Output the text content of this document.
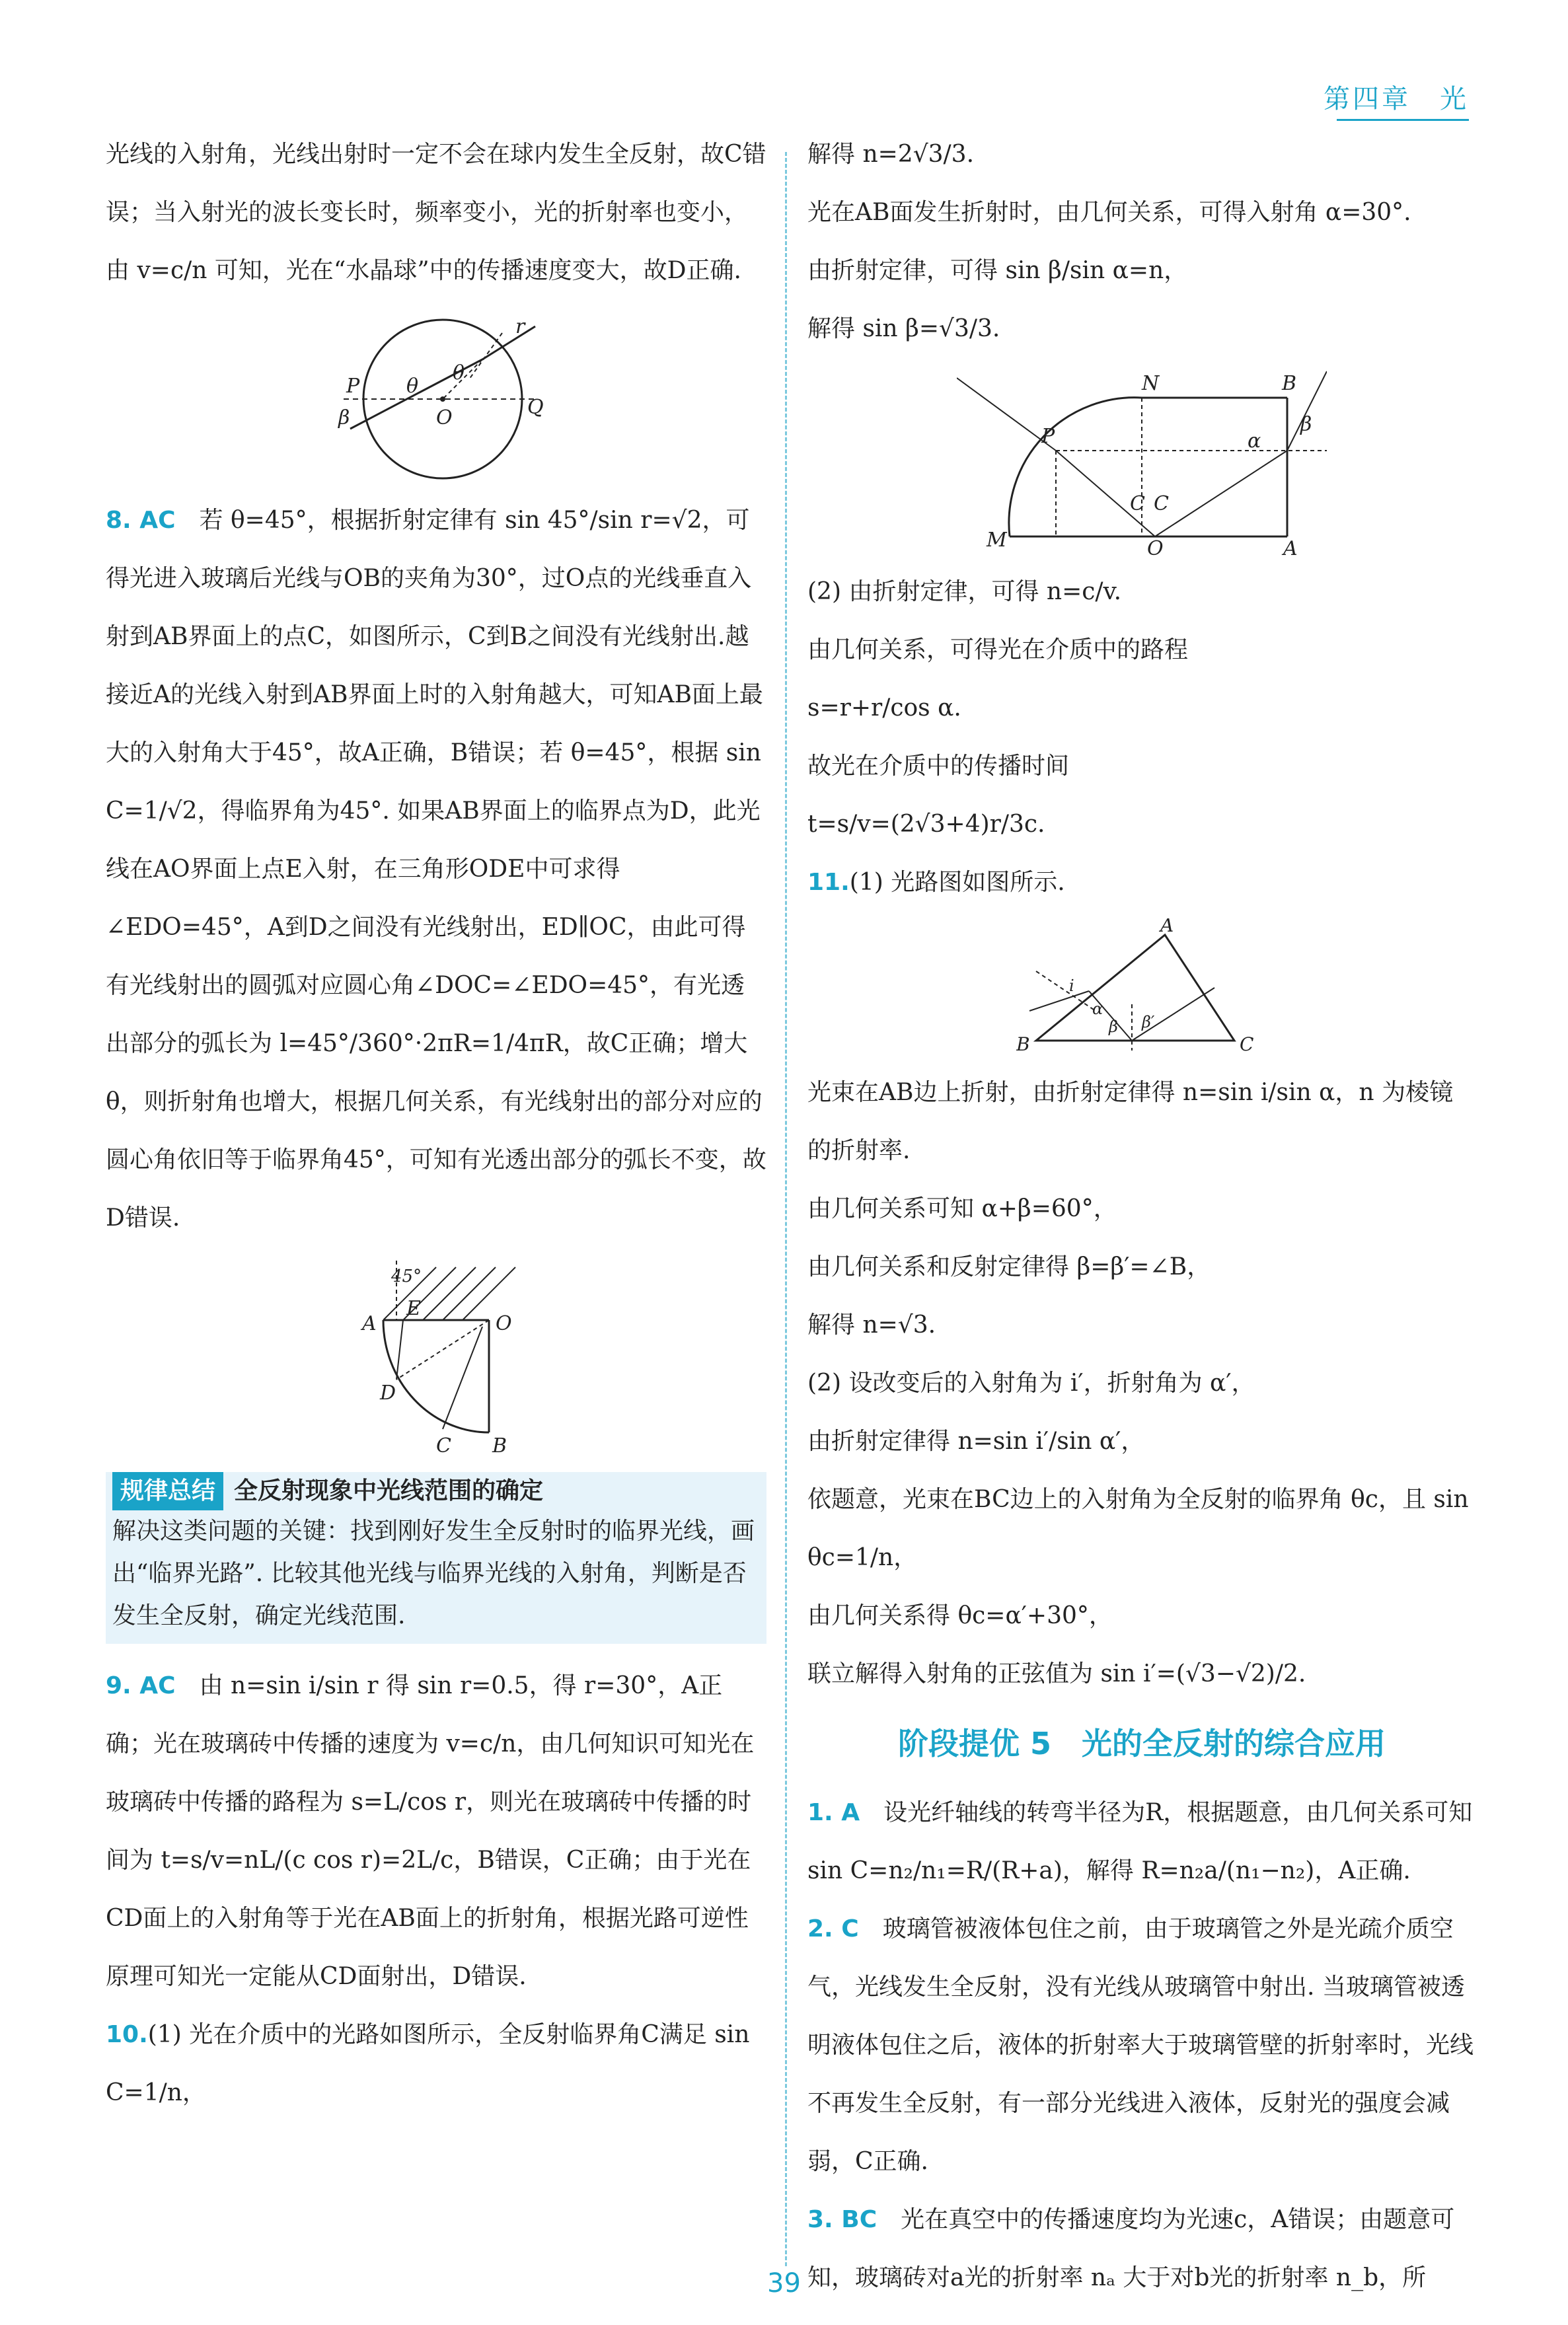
第四章　光

光线的入射角，光线出射时一定不会在球内发生全反射，故C错误；当入射光的波长变长时，频率变小，光的折射率也变小，由 v=c/n 可知，光在“水晶球”中的传播速度变大，故D正确.

P
β
θ
θ
O	Q
r

8. AC　 若 θ=45°，根据折射定律有 sin 45°/sin r=√2，可得光进入玻璃后光线与OB的夹角为30°，过O点的光线垂直入射到AB界面上的点C，如图所示，C到B之间没有光线射出.越接近A的光线入射到AB界面上时的入射角越大，可知AB面上最大的入射角大于45°，故A正确，B错误；若 θ=45°，根据 sin C=1/√2，得临界角为45°. 如果AB界面上的临界点为D，此光线在AO界面上点E入射，在三角形ODE中可求得∠EDO=45°，A到D之间没有光线射出，ED∥OC，由此可得有光线射出的圆弧对应圆心角∠DOC=∠EDO=45°，有光透出部分的弧长为 l=45°/360°·2πR=1/4πR，故C正确；增大θ，则折射角也增大，根据几何关系，有光线射出的部分对应的圆心角依旧等于临界角45°，可知有光透出部分的弧长不变，故D错误.

45°
A
E
O
D
C B
规律总结 全反射现象中光线范围的确定
解决这类问题的关键：找到刚好发生全反射时的临界光线，画出“临界光路”. 比较其他光线与临界光线的入射角，判断是否发生全反射，确定光线范围.

9. AC　 由 n=sin i/sin r 得 sin r=0.5，得 r=30°，A正确；光在玻璃砖中传播的速度为 v=c/n，由几何知识可知光在玻璃砖中传播的路程为 s=L/cos r，则光在玻璃砖中传播的时间为 t=s/v=nL/(c cos r)=2L/c，B错误，C正确；由于光在CD面上的入射角等于光在AB面上的折射角，根据光路可逆性原理可知光一定能从CD面射出，D错误.

10.(1) 光在介质中的光路如图所示，全反射临界角C满足 sin C=1/n，

解得 n=2√3/3.
光在AB面发生折射时，由几何关系，可得入射角 α=30°.
由折射定律，可得 sin β/sin α=n，
解得 sin β=√3/3.

N	B
β
P	α
C C
M	O	A

(2) 由折射定律，可得 n=c/v.
由几何关系，可得光在介质中的路程
s=r+r/cos α.
故光在介质中的传播时间
t=s/v=(2√3+4)r/3c.

11.(1) 光路图如图所示.

A
i
α
β β′
B	C

光束在AB边上折射，由折射定律得 n=sin i/sin α，n 为棱镜的折射率.
由几何关系可知 α+β=60°，
由几何关系和反射定律得 β=β′=∠B，
解得 n=√3.
(2) 设改变后的入射角为 i′，折射角为 α′，
由折射定律得 n=sin i′/sin α′，
依题意，光束在BC边上的入射角为全反射的临界角 θc，且 sin θc=1/n，
由几何关系得 θc=α′+30°，
联立解得入射角的正弦值为 sin i′=(√3−√2)/2.

阶段提优 5　光的全反射的综合应用

1. A　 设光纤轴线的转弯半径为R，根据题意，由几何关系可知 sin C=n₂/n₁=R/(R+a)，解得 R=n₂a/(n₁−n₂)，A正确.

2. C　 玻璃管被液体包住之前，由于玻璃管之外是光疏介质空气，光线发生全反射，没有光线从玻璃管中射出. 当玻璃管被透明液体包住之后，液体的折射率大于玻璃管壁的折射率时，光线不再发生全反射，有一部分光线进入液体，反射光的强度会减弱，C正确.

3. BC　 光在真空中的传播速度均为光速c，A错误；由题意可知，玻璃砖对a光的折射率 nₐ 大于对b光的折射率 n_b，所

39
